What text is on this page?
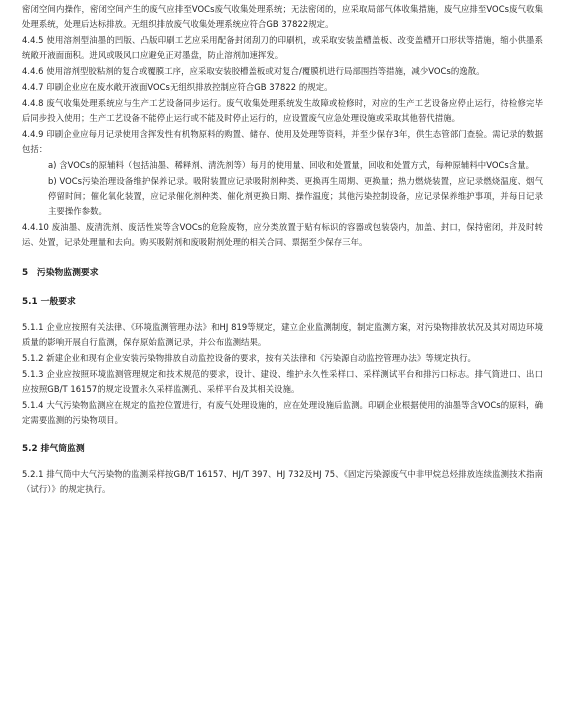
密闭空间内操作，密闭空间产生的废气应排至VOCs废气收集处理系统；无法密闭的，应采取局部气体收集措施，废气应排至VOCs废气收集处理系统，处理后达标排放。无组织排放废气收集处理系统应符合GB 37822规定。

4.4.5 使用溶剂型油墨的凹版、凸版印刷工艺应采用配备封闭刮刀的印刷机，或采取安装盖槽盖板、改变盖槽开口形状等措施，缩小供墨系统敞开液面面积。进风或吸风口应避免正对墨盘，防止溶剂加速挥发。

4.4.6 使用溶剂型胶粘剂的复合或覆膜工序，应采取安装胶槽盖板或对复合/覆膜机进行局部围挡等措施，减少VOCs的逸散。

4.4.7 印刷企业应在废水敞开液面VOCs无组织排放控制应符合GB 37822 的规定。

4.4.8 废气收集处理系统应与生产工艺设备同步运行。废气收集处理系统发生故障或检修时，对应的生产工艺设备应停止运行，待检修完毕后同步投入使用；生产工艺设备不能停止运行或不能及时停止运行的，应设置废气应急处理设施或采取其他替代措施。

4.4.9 印刷企业应每月记录使用含挥发性有机物原料的购置、储存、使用及处理等资料，并至少保存3年，供生态管部门查验。需记录的数据包括：

a) 含VOCs的原辅料（包括油墨、稀释剂、清洗剂等）每月的使用量、回收和处置量，回收和处置方式，每种原辅料中VOCs含量。

b) VOCs污染治理设备维护保养记录。吸附装置应记录吸附剂种类、更换再生周期、更换量；热力燃烧装置，应记录燃烧温度、烟气停留时间；催化氧化装置，应记录催化剂种类、催化剂更换日期、操作温度；其他污染控制设备，应记录保养维护事项，并每日记录主要操作参数。

4.4.10 废油墨、废清洗剂、废活性炭等含VOCs的危险废物，应分类放置于贴有标识的容器或包装袋内，加盖、封口，保持密闭，并及时转运、处置，记录处理量和去向。购买吸附剂和废吸附剂处理的相关合同、票据至少保存三年。

5　污染物监测要求
5.1 一般要求

5.1.1 企业应按照有关法律、《环境监测管理办法》和HJ 819等规定，建立企业监测制度，制定监测方案，对污染物排放状况及其对周边环境质量的影响开展自行监测，保存原始监测记录，并公布监测结果。

5.1.2 新建企业和现有企业安装污染物排放自动监控设备的要求，按有关法律和《污染源自动监控管理办法》等规定执行。

5.1.3 企业应按照环境监测管理规定和技术规范的要求，设计、建设、维护永久性采样口、采样测试平台和排污口标志。排气筒进口、出口应按照GB/T 16157的规定设置永久采样监测孔、采样平台及其相关设施。

5.1.4 大气污染物监测应在规定的监控位置进行，有废气处理设施的，应在处理设施后监测。印刷企业根据使用的油墨等含VOCs的原料，确定需要监测的污染物项目。

5.2 排气筒监测

5.2.1 排气筒中大气污染物的监测采样按GB/T 16157、HJ/T 397、HJ 732及HJ 75、《固定污染源废气中非甲烷总烃排放连续监测技术指南（试行）》的规定执行。
